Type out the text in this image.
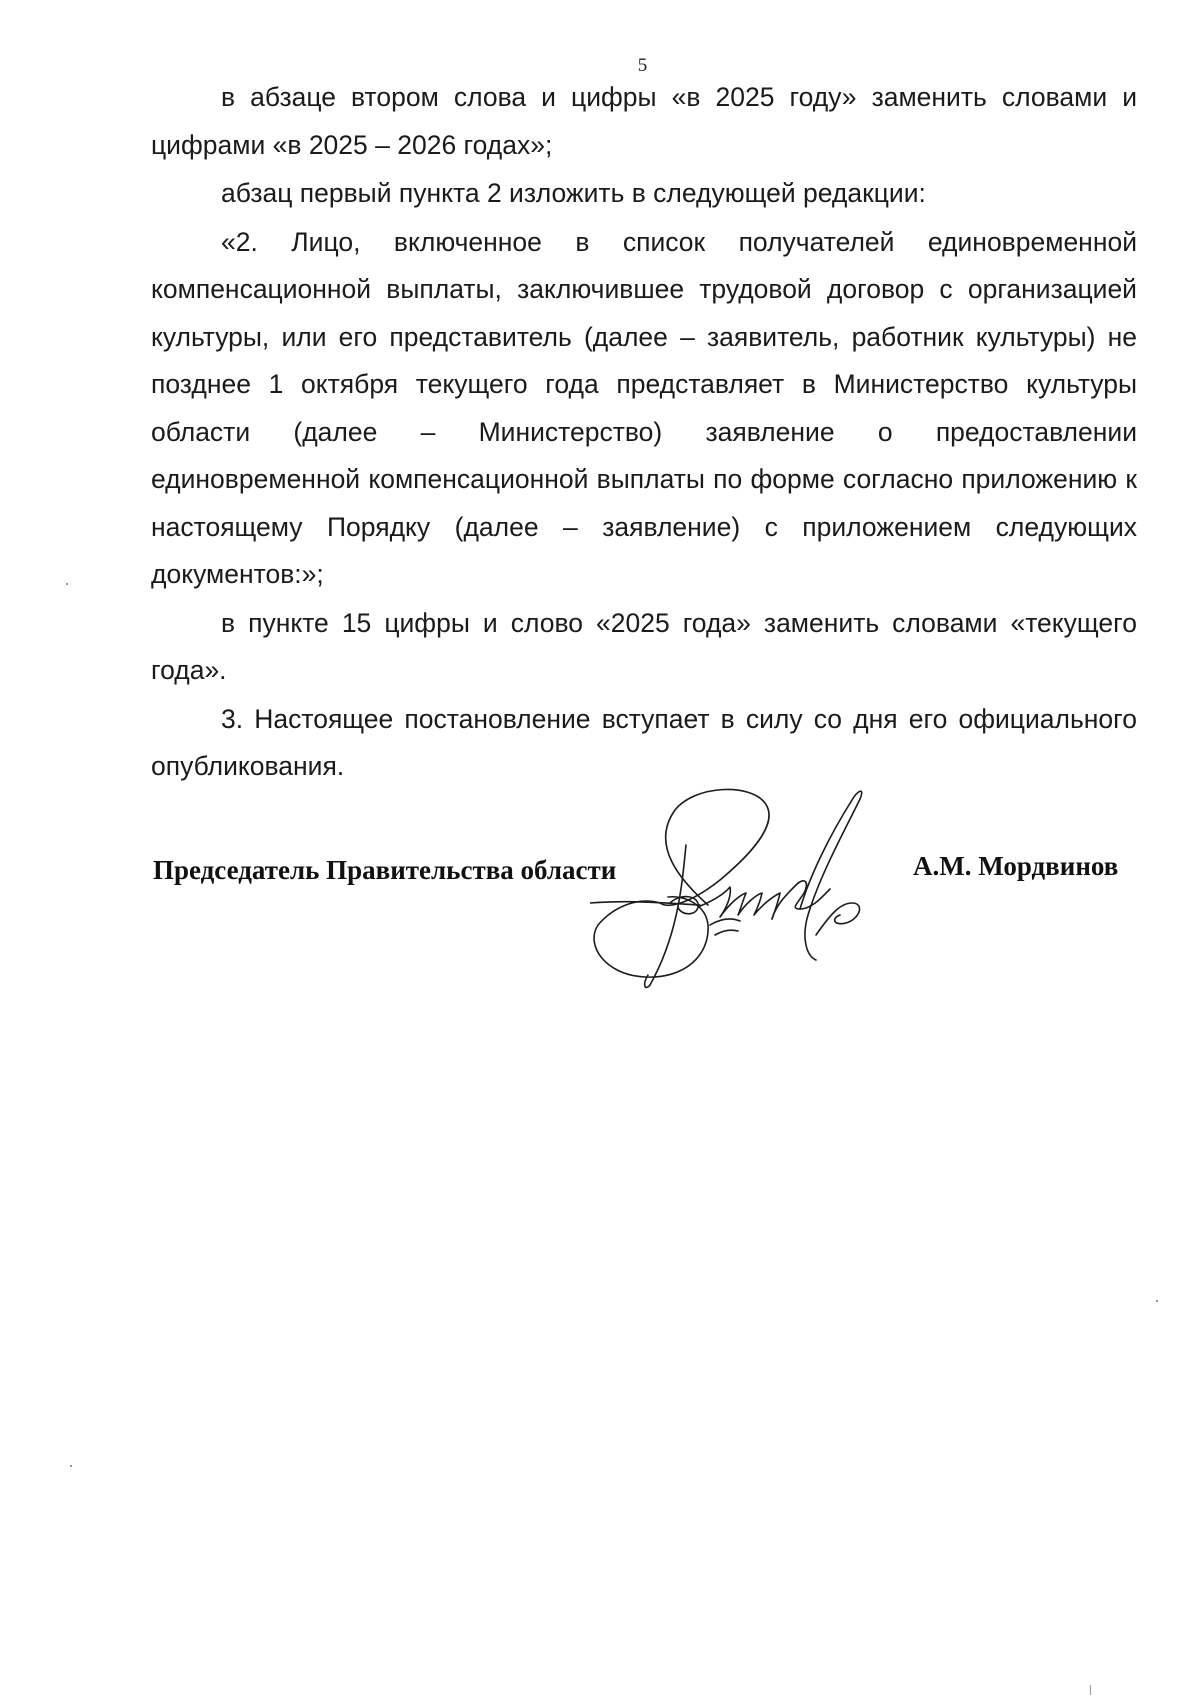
5

в абзаце втором слова и цифры «в 2025 году» заменить словами и цифрами «в 2025 – 2026 годах»;

абзац первый пункта 2 изложить в следующей редакции:

«2. Лицо, включенное в список получателей единовременной компенсационной выплаты, заключившее трудовой договор с организацией культуры, или его представитель (далее – заявитель, работник культуры) не позднее 1 октября текущего года представляет в Министерство культуры области (далее – Министерство) заявление о предоставлении единовременной компенсационной выплаты по форме согласно приложению к настоящему Порядку (далее – заявление) с приложением следующих документов:»;

в пункте 15 цифры и слово «2025 года» заменить словами «текущего года».

3. Настоящее постановление вступает в силу со дня его официального опубликования.

Председатель Правительства области	А.М. Мордвинов
